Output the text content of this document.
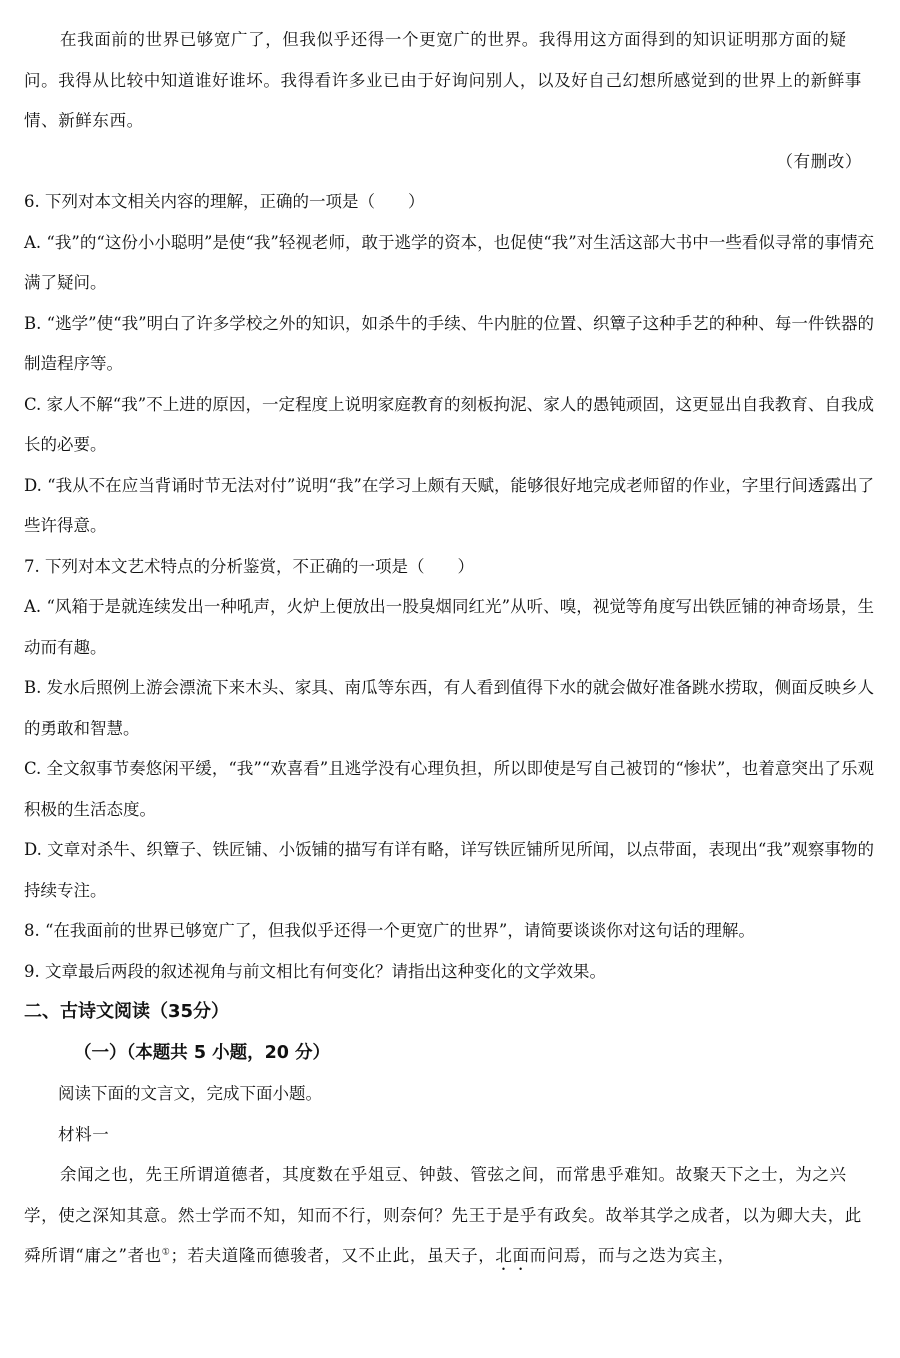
在我面前的世界已够宽广了，但我似乎还得一个更宽广的世界。我得用这方面得到的知识证明那方面的疑问。我得从比较中知道谁好谁坏。我得看许多业已由于好询问别人，以及好自己幻想所感觉到的世界上的新鲜事情、新鲜东西。

（有删改）

6. 下列对本文相关内容的理解，正确的一项是（　　）

A. “我”的“这份小小聪明”是使“我”轻视老师，敢于逃学的资本，也促使“我”对生活这部大书中一些看似寻常的事情充满了疑问。

B. “逃学”使“我”明白了许多学校之外的知识，如杀牛的手续、牛内脏的位置、织簟子这种手艺的种种、每一件铁器的制造程序等。

C. 家人不解“我”不上进的原因，一定程度上说明家庭教育的刻板拘泥、家人的愚钝顽固，这更显出自我教育、自我成长的必要。

D. “我从不在应当背诵时节无法对付”说明“我”在学习上颇有天赋，能够很好地完成老师留的作业，字里行间透露出了些许得意。

7. 下列对本文艺术特点的分析鉴赏，不正确的一项是（　　）

A. “风箱于是就连续发出一种吼声，火炉上便放出一股臭烟同红光”从听、嗅，视觉等角度写出铁匠铺的神奇场景，生动而有趣。

B. 发水后照例上游会漂流下来木头、家具、南瓜等东西，有人看到值得下水的就会做好准备跳水捞取，侧面反映乡人的勇敢和智慧。

C. 全文叙事节奏悠闲平缓，“我”“欢喜看”且逃学没有心理负担，所以即使是写自己被罚的“惨状”，也着意突出了乐观积极的生活态度。

D. 文章对杀牛、织簟子、铁匠铺、小饭铺的描写有详有略，详写铁匠铺所见所闻，以点带面，表现出“我”观察事物的持续专注。

8. “在我面前的世界已够宽广了，但我似乎还得一个更宽广的世界”，请简要谈谈你对这句话的理解。

9. 文章最后两段的叙述视角与前文相比有何变化？请指出这种变化的文学效果。

二、古诗文阅读（35分）
（一）（本题共 5 小题，20 分）

阅读下面的文言文，完成下面小题。

材料一

余闻之也，先王所谓道德者，其度数在乎俎豆、钟鼓、管弦之间，而常患乎难知。故聚天下之士，为之兴学，使之深知其意。然士学而不知，知而不行，则奈何？先王于是乎有政矣。故举其学之成者，以为卿大夫，此舜所谓“庸之”者也①；若夫道隆而德骏者，又不止此，虽天子，北面而问焉，而与之迭为宾主，
